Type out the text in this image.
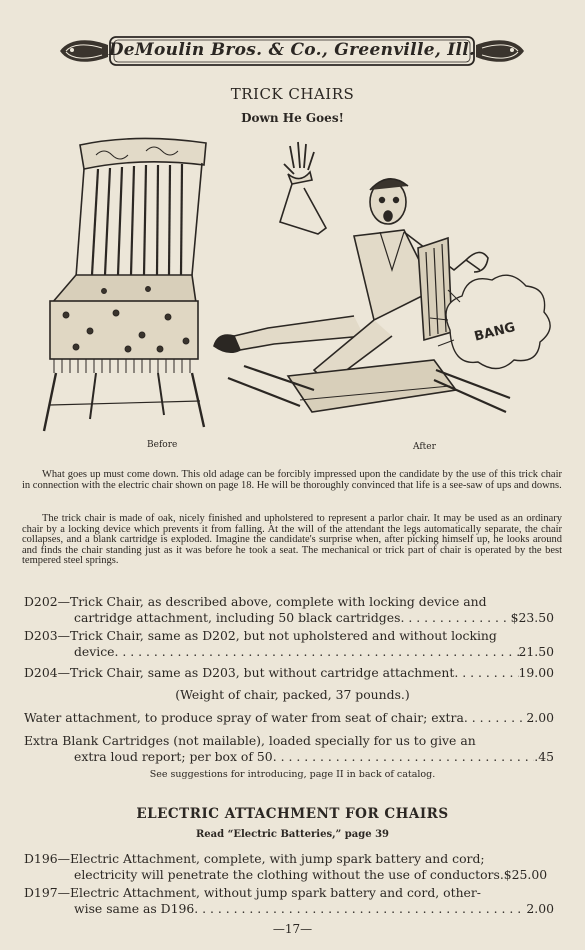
DeMoulin Bros. & Co., Greenville, Ill.
TRICK CHAIRS
Down He Goes!
Before
BANG
After
What goes up must come down. This old adage can be forcibly impressed upon the candidate by the use of this trick chair in connection with the electric chair shown on page 18. He will be thoroughly convinced that life is a see-saw of ups and downs.
The trick chair is made of oak, nicely finished and upholstered to represent a parlor chair. It may be used as an ordinary chair by a locking device which prevents it from falling. At the will of the attendant the legs automatically separate, the chair collapses, and a blank cartridge is exploded. Imagine the candidate's surprise when, after picking himself up, he looks around and finds the chair standing just as it was before he took a seat. The mechanical or trick part of chair is operated by the best tempered steel springs.
D202—Trick Chair, as described above, complete with locking device and
cartridge attachment, including 50 black cartridges . . .	$23.50
D203—Trick Chair, same as D202, but not upholstered and without locking
device . . .	21.50
D204—Trick Chair, same as D203, but without cartridge attachment . . .	19.00
(Weight of chair, packed, 37 pounds.)
Water attachment, to produce spray of water from seat of chair; extra . . .	2.00
Extra Blank Cartridges (not mailable), loaded specially for us to give an
extra loud report; per box of 50 . . .	.45
See suggestions for introducing, page II in back of catalog.
ELECTRIC ATTACHMENT FOR CHAIRS
Read “Electric Batteries,” page 39
D196—Electric Attachment, complete, with jump spark battery and cord;
electricity will penetrate the clothing without the use of conductors. $25.00
D197—Electric Attachment, without jump spark battery and cord, other-
wise same as D196 . . .	2.00
—17—
